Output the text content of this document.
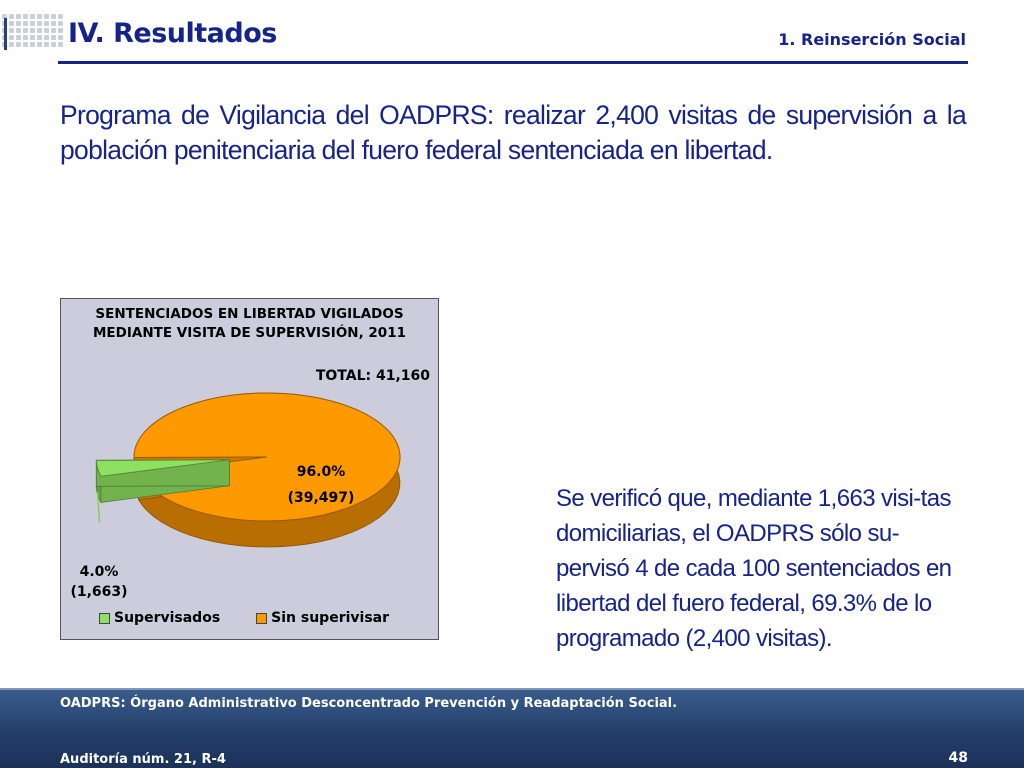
IV. Resultados	1. Reinserción Social

Programa de Vigilancia del OADPRS: realizar 2,400 visitas de supervisión a la población penitenciaria del fuero federal sentenciada en libertad.

SENTENCIADOS EN LIBERTAD VIGILADOS MEDIANTE VISITA DE SUPERVISIÓN, 2011
TOTAL: 41,160
96.0%
(39,497)
4.0%
(1,663)
Supervisados	Sin superivisar

Se verificó que, mediante 1,663 visi-tas domiciliarias, el OADPRS sólo su-pervisó 4 de cada 100 sentenciados en libertad del fuero federal, 69.3% de lo programado (2,400 visitas).

OADPRS: Órgano Administrativo Desconcentrado Prevención y Readaptación Social.
Auditoría núm. 21, R-4	48
